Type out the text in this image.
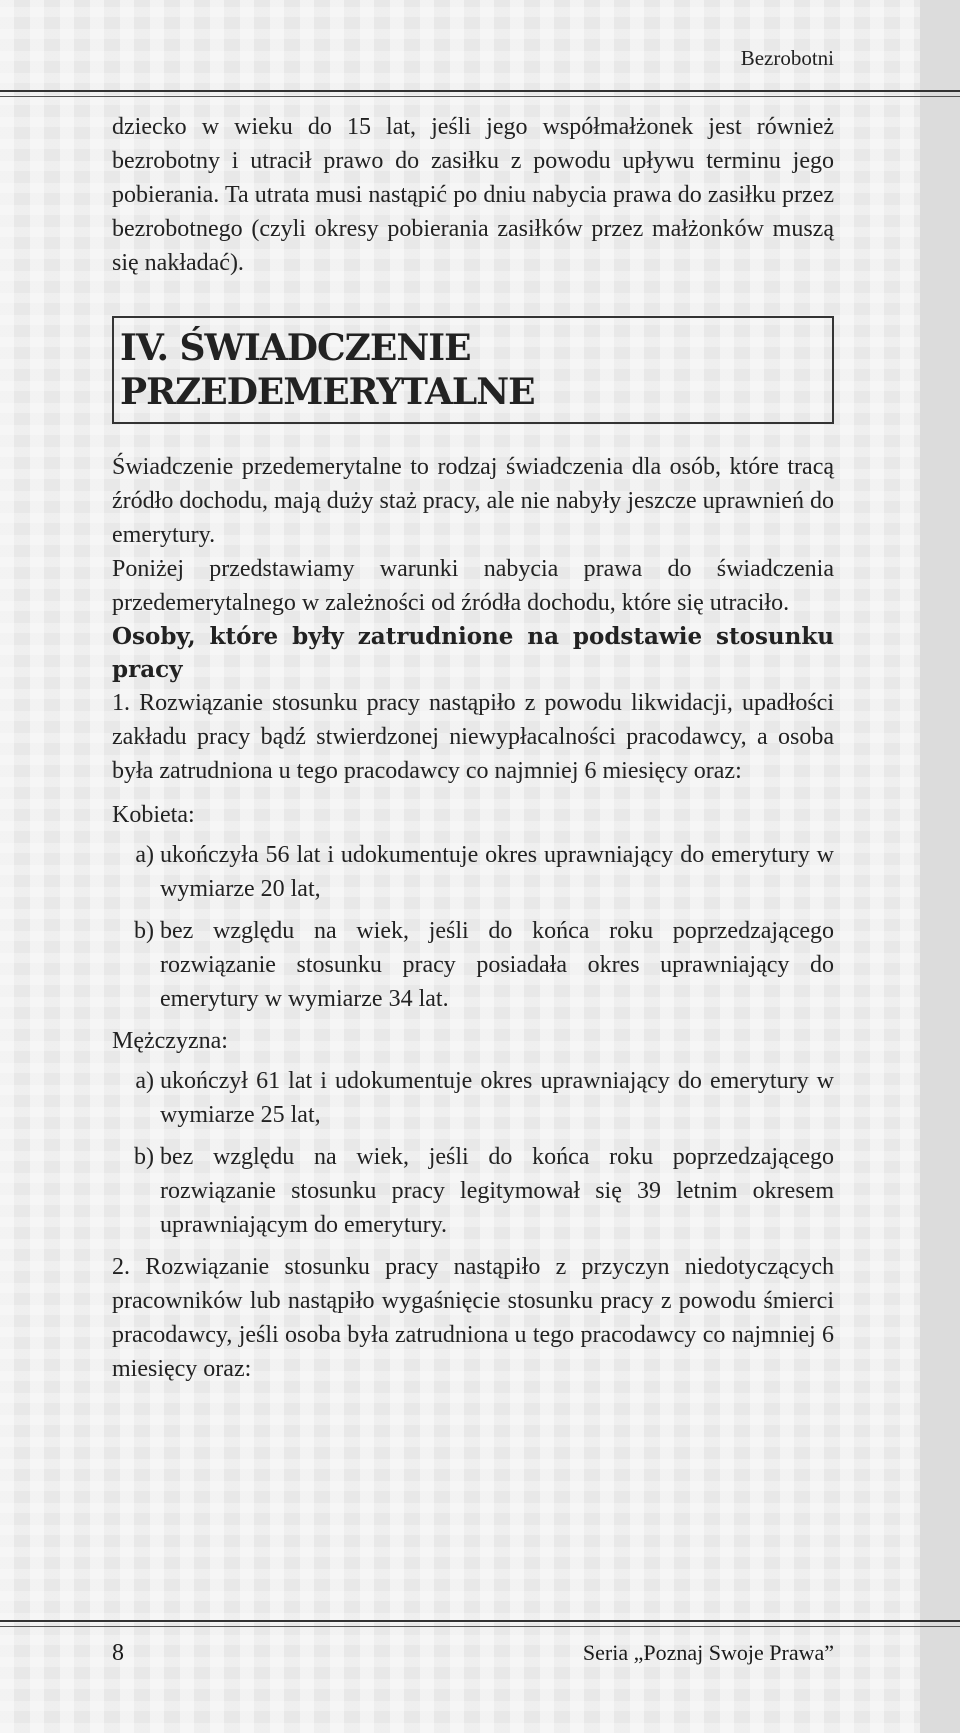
Bezrobotni

dziecko w wieku do 15 lat, jeśli jego współmałżonek jest również bezrobotny i utracił prawo do zasiłku z powodu upływu terminu jego pobierania. Ta utrata musi nastąpić po dniu nabycia prawa do zasiłku przez bezrobotnego (czyli okresy pobierania zasiłków przez małżonków muszą się nakładać).

IV. ŚWIADCZENIE PRZEDEMERYTALNE

Świadczenie przedemerytalne to rodzaj świadczenia dla osób, które tracą źródło dochodu, mają duży staż pracy, ale nie nabyły jeszcze uprawnień do emerytury.

Poniżej przedstawiamy warunki nabycia prawa do świadczenia przedemerytalnego w zależności od źródła dochodu, które się utraciło.

Osoby, które były zatrudnione na podstawie stosunku pracy

1. Rozwiązanie stosunku pracy nastąpiło z powodu likwidacji, upadłości zakładu pracy bądź stwierdzonej niewypłacalności pracodawcy, a osoba była zatrudniona u tego pracodawcy co najmniej 6 miesięcy oraz:

Kobieta:
a) ukończyła 56 lat i udokumentuje okres uprawniający do emerytury w wymiarze 20 lat,
b) bez względu na wiek, jeśli do końca roku poprzedzającego rozwiązanie stosunku pracy posiadała okres uprawniający do emerytury w wymiarze 34 lat.
Mężczyzna:
a) ukończył 61 lat i udokumentuje okres uprawniający do emerytury w wymiarze 25 lat,
b) bez względu na wiek, jeśli do końca roku poprzedzającego rozwiązanie stosunku pracy legitymował się 39 letnim okresem uprawniającym do emerytury.

2. Rozwiązanie stosunku pracy nastąpiło z przyczyn niedotyczących pracowników lub nastąpiło wygaśnięcie stosunku pracy z powodu śmierci pracodawcy, jeśli osoba była zatrudniona u tego pracodawcy co najmniej 6 miesięcy oraz:

8	Seria „Poznaj Swoje Prawa”
